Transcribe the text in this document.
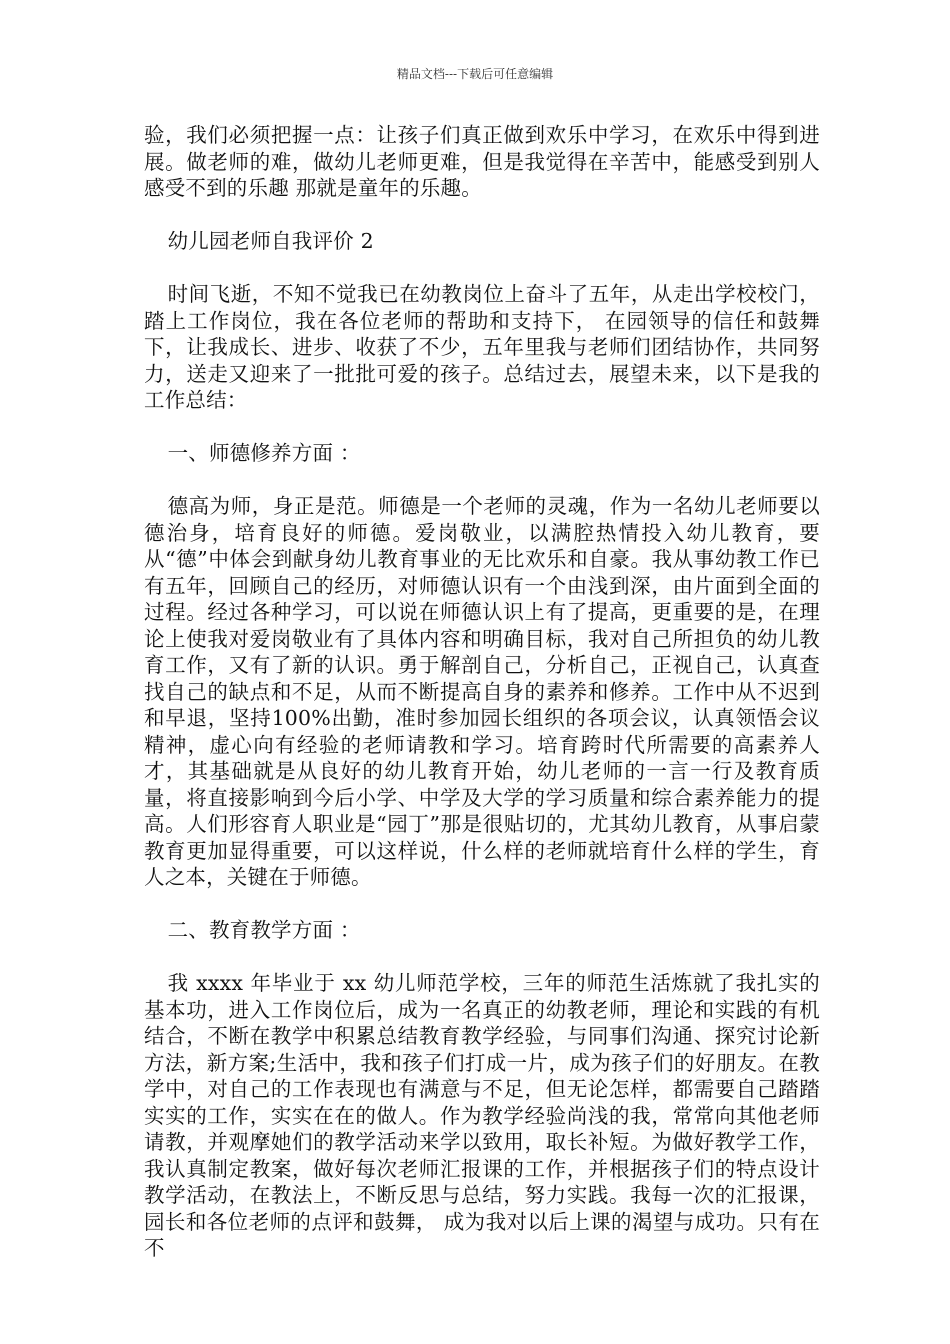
精品文档---下载后可任意编辑

验，我们必须把握一点：让孩子们真正做到欢乐中学习，在欢乐中得到进展。做老师的难，做幼儿老师更难，但是我觉得在辛苦中，能感受到别人感受不到的乐趣 那就是童年的乐趣。

幼儿园老师自我评价 2

时间飞逝，不知不觉我已在幼教岗位上奋斗了五年，从走出学校校门，踏上工作岗位，我在各位老师的帮助和支持下， 在园领导的信任和鼓舞下，让我成长、进步、收获了不少，五年里我与老师们团结协作，共同努力，送走又迎来了一批批可爱的孩子。总结过去，展望未来，以下是我的工作总结：

一、师德修养方面 ：

德高为师，身正是范。师德是一个老师的灵魂，作为一名幼儿老师要以德治身，培育良好的师德。爱岗敬业，以满腔热情投入幼儿教育，要从“德”中体会到献身幼儿教育事业的无比欢乐和自豪。我从事幼教工作已有五年，回顾自己的经历，对师德认识有一个由浅到深，由片面到全面的过程。经过各种学习，可以说在师德认识上有了提高，更重要的是，在理论上使我对爱岗敬业有了具体内容和明确目标，我对自己所担负的幼儿教育工作，又有了新的认识。勇于解剖自己，分析自己，正视自己，认真查找自己的缺点和不足，从而不断提高自身的素养和修养。工作中从不迟到和早退，坚持100%出勤，准时参加园长组织的各项会议，认真领悟会议精神，虚心向有经验的老师请教和学习。培育跨时代所需要的高素养人才，其基础就是从良好的幼儿教育开始，幼儿老师的一言一行及教育质量，将直接影响到今后小学、中学及大学的学习质量和综合素养能力的提高。人们形容育人职业是“园丁”那是很贴切的，尤其幼儿教育，从事启蒙教育更加显得重要，可以这样说，什么样的老师就培育什么样的学生，育人之本，关键在于师德。

二、教育教学方面 ：

我 xxxx 年毕业于 xx 幼儿师范学校，三年的师范生活炼就了我扎实的基本功，进入工作岗位后，成为一名真正的幼教老师，理论和实践的有机结合，不断在教学中积累总结教育教学经验，与同事们沟通、探究讨论新方法，新方案;生活中，我和孩子们打成一片，成为孩子们的好朋友。在教学中，对自己的工作表现也有满意与不足，但无论怎样，都需要自己踏踏实实的工作，实实在在的做人。作为教学经验尚浅的我，常常向其他老师请教，并观摩她们的教学活动来学以致用，取长补短。为做好教学工作，我认真制定教案，做好每次老师汇报课的工作，并根据孩子们的特点设计教学活动，在教法上，不断反思与总结，努力实践。我每一次的汇报课，园长和各位老师的点评和鼓舞， 成为我对以后上课的渴望与成功。只有在不
